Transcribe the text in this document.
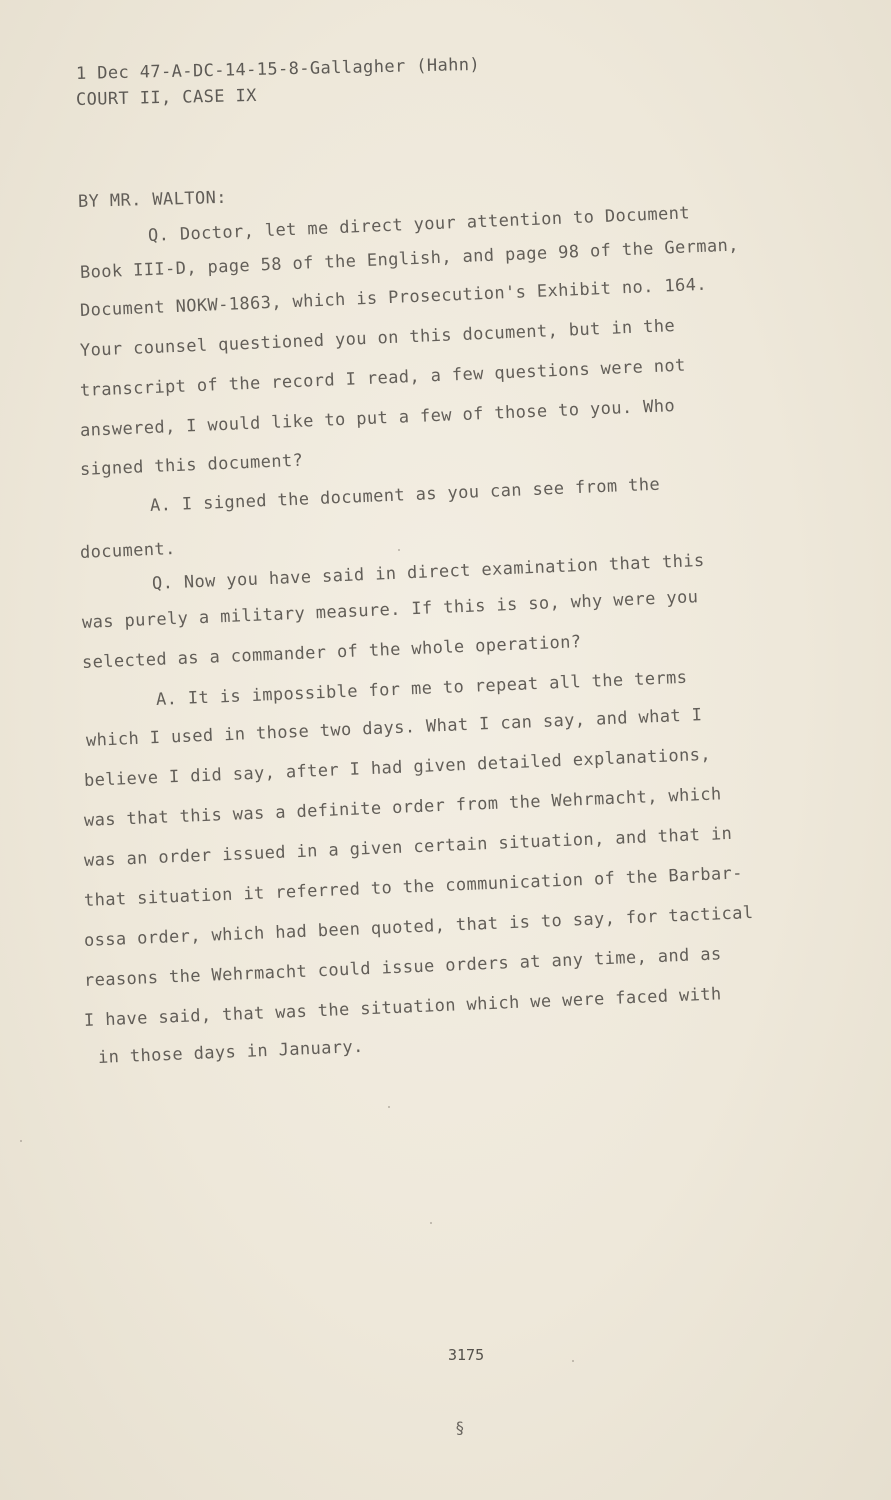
1 Dec 47-A-DC-14-15-8-Gallagher (Hahn)
COURT II, CASE IX
BY MR. WALTON:
Q. Doctor, let me direct your attention to Document
Book III-D, page 58 of the English, and page 98 of the German,
Document NOKW-1863, which is Prosecution's Exhibit no. 164.
Your counsel questioned you on this document, but in the
transcript of the record I read, a few questions were not
answered, I would like to put a few of those to you. Who
signed this document?
A. I signed the document as you can see from the
document.
Q. Now you have said in direct examination that this
was purely a military measure. If this is so, why were you
selected as a commander of the whole operation?
A. It is impossible for me to repeat all the terms
which I used in those two days. What I can say, and what I
believe I did say, after I had given detailed explanations,
was that this was a definite order from the Wehrmacht, which
was an order issued in a given certain situation, and that in
that situation it referred to the communication of the Barbar-
ossa order, which had been quoted, that is to say, for tactical
reasons the Wehrmacht could issue orders at any time, and as
I have said, that was the situation which we were faced with
in those days in January.
3175
§
